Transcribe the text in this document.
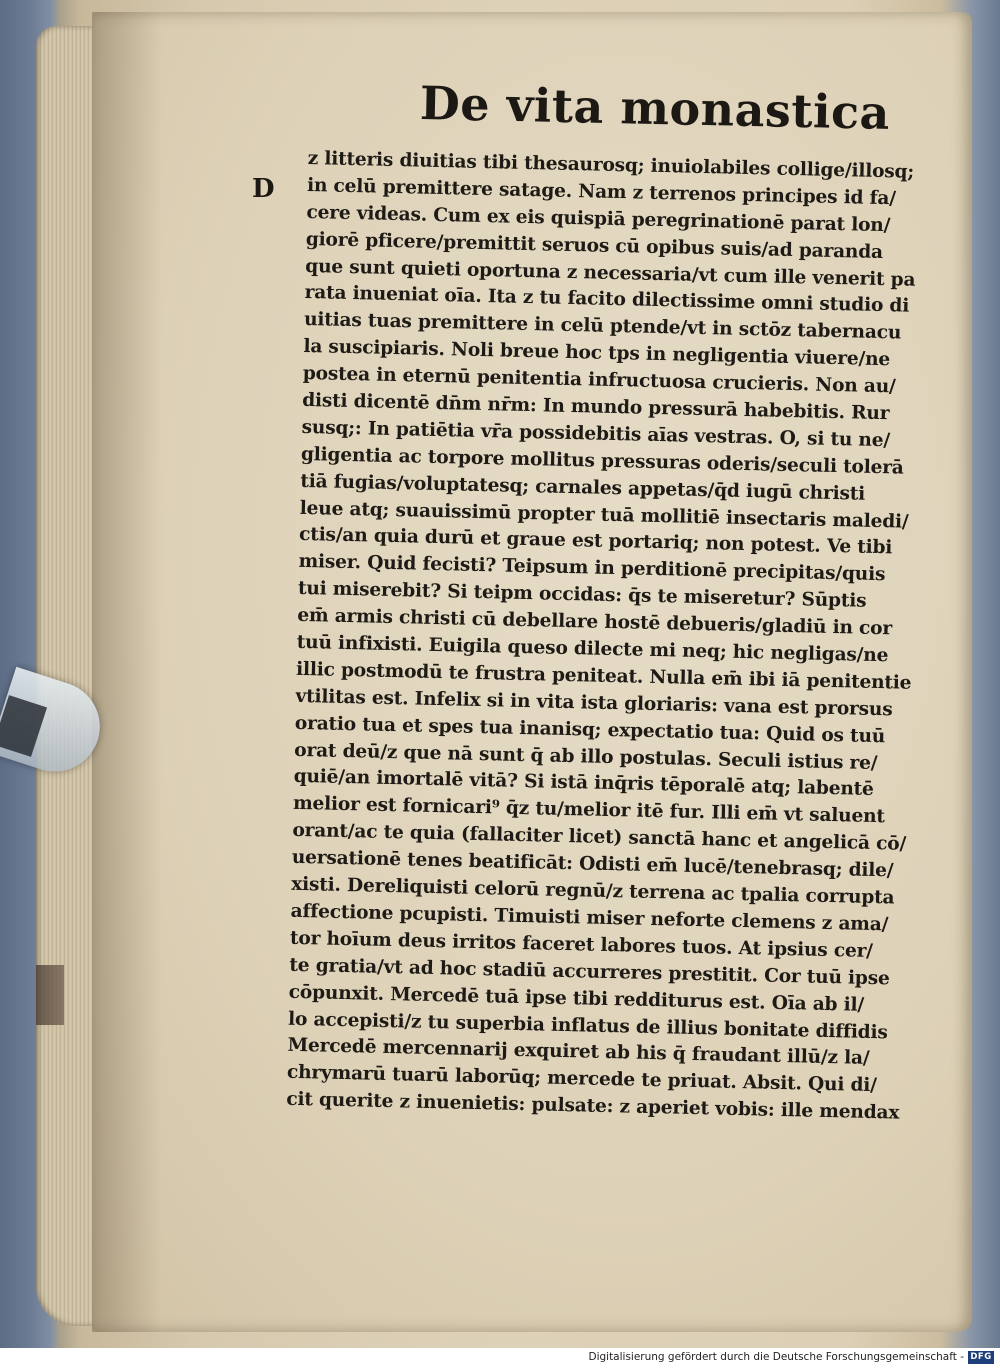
De vita monastica
D
z litteris diuitias tibi thesaurosq; inuiolabiles collige/illosq;
in celū premittere satage. Nam z terrenos principes id fa/
cere videas. Cum ex eis quispiā peregrinationē parat lon/
giorē pficere/premittit seruos cū opibus suis/ad paranda
que sunt quieti oportuna z necessaria/vt cum ille venerit pa
rata inueniat oīa. Ita z tu facito dilectissime omni studio di
uitias tuas premittere in celū ptende/vt in sctōz tabernacu
la suscipiaris. Noli breue hoc tps in negligentia viuere/ne
postea in eternū penitentia infructuosa crucieris. Non au/
disti dicentē dn̄m nr̄m: In mundo pressurā habebitis. Rur
susq;: In patiētia vr̄a possidebitis aīas vestras. O, si tu ne/
gligentia ac torpore mollitus pressuras oderis/seculi tolerā
tiā fugias/voluptatesq; carnales appetas/q̄d iugū christi
leue atq; suauissimū propter tuā mollitiē insectaris maledi/
ctis/an quia durū et graue est portariq; non potest. Ve tibi
miser. Quid fecisti? Teipsum in perditionē precipitas/quis
tui miserebit? Si teipm occidas: q̄s te miseretur? Sūptis
em̄ armis christi cū debellare hostē debueris/gladiū in cor
tuū infixisti. Euigila queso dilecte mi neq; hic negligas/ne
illic postmodū te frustra peniteat. Nulla em̄ ibi iā penitentie
vtilitas est. Infelix si in vita ista gloriaris: vana est prorsus
oratio tua et spes tua inanisq; expectatio tua: Quid os tuū
orat deū/z que nā sunt q̄ ab illo postulas. Seculi istius re/
quiē/an imortalē vitā? Si istā inq̄ris tēporalē atq; labentē
melior est fornicari⁹ q̄z tu/melior itē fur. Illi em̄ vt saluent
orant/ac te quia (fallaciter licet) sanctā hanc et angelicā cō/
uersationē tenes beatificāt: Odisti em̄ lucē/tenebrasq; dile/
xisti. Dereliquisti celorū regnū/z terrena ac tpalia corrupta
affectione pcupisti. Timuisti miser neforte clemens z ama/
tor hoīum deus irritos faceret labores tuos. At ipsius cer/
te gratia/vt ad hoc stadiū accurreres prestitit. Cor tuū ipse
cōpunxit. Mercedē tuā ipse tibi redditurus est. Oīa ab il/
lo accepisti/z tu superbia inflatus de illius bonitate diffidis
Mercedē mercennarij exquiret ab his q̄ fraudant illū/z la/
chrymarū tuarū laborūq; mercede te priuat. Absit. Qui di/
cit querite z inuenietis: pulsate: z aperiet vobis: ille mendax
Digitalisierung gefördert durch die Deutsche Forschungsgemeinschaft - DFG
